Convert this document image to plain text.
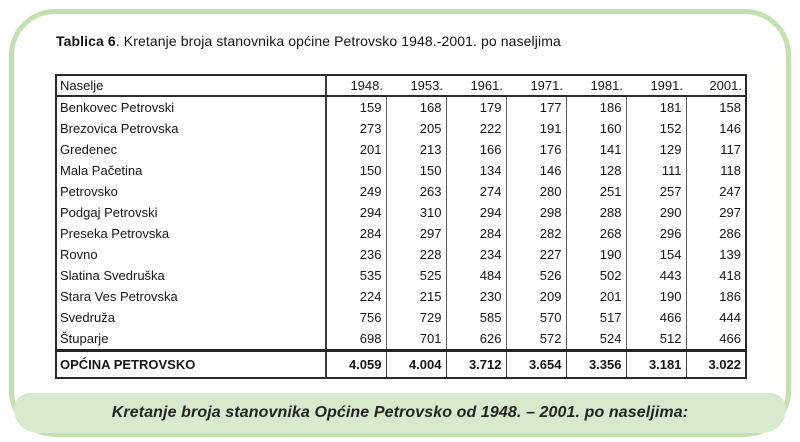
Tablica 6. Kretanje broja stanovnika općine Petrovsko 1948.-2001. po naseljima
Naselje	1948.	1953.	1961.	1971.	1981.	1991.	2001.
Benkovec Petrovski	159	168	179	177	186	181	158
Brezovica Petrovska	273	205	222	191	160	152	146
Gredenec	201	213	166	176	141	129	117
Mala Pačetina	150	150	134	146	128	111	118
Petrovsko	249	263	274	280	251	257	247
Podgaj Petrovski	294	310	294	298	288	290	297
Preseka Petrovska	284	297	284	282	268	296	286
Rovno	236	228	234	227	190	154	139
Slatina Svedruška	535	525	484	526	502	443	418
Stara Ves Petrovska	224	215	230	209	201	190	186
Svedruža	756	729	585	570	517	466	444
Štuparje	698	701	626	572	524	512	466
OPĆINA PETROVSKO	4.059	4.004	3.712	3.654	3.356	3.181	3.022
Kretanje broja stanovnika Općine Petrovsko od 1948. – 2001. po naseljima:
